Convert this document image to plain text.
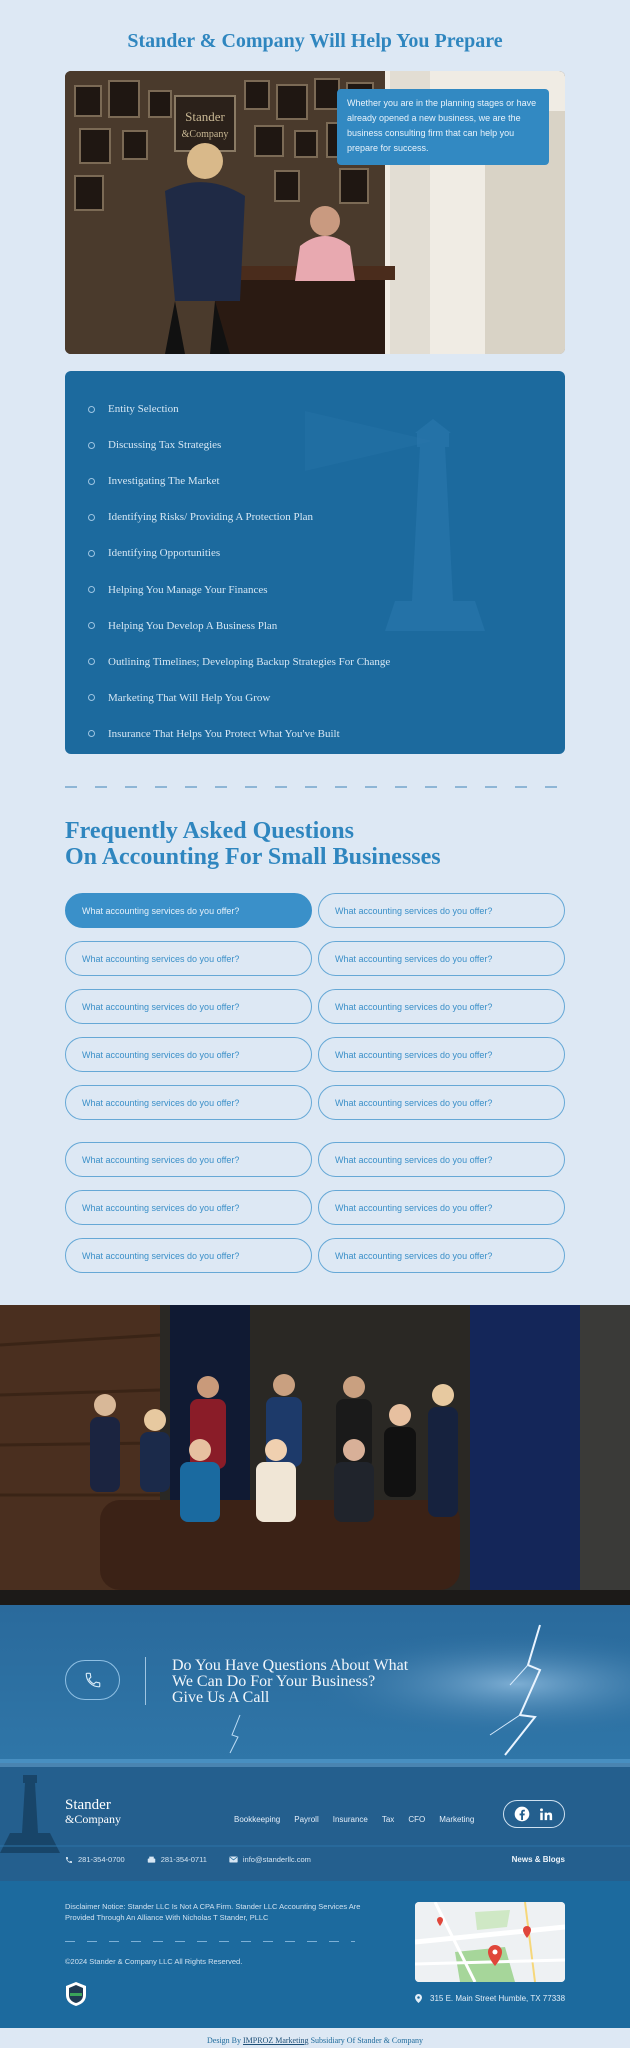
Stander & Company Will Help You Prepare
Stander
&Company
Whether you are in the planning stages or have already opened a new business, we are the business consulting firm that can help you prepare for success.
Entity Selection
Discussing Tax Strategies
Investigating The Market
Identifying Risks/ Providing A Protection Plan
Identifying Opportunities
Helping You Manage Your Finances
Helping You Develop A Business Plan
Outlining Timelines; Developing Backup Strategies For Change
Marketing That Will Help You Grow
Insurance That Helps You Protect What You've Built
Frequently Asked Questions
On Accounting For Small Businesses
What accounting services do you offer?	What accounting services do you offer?
What accounting services do you offer?	What accounting services do you offer?
What accounting services do you offer?	What accounting services do you offer?
What accounting services do you offer?	What accounting services do you offer?
What accounting services do you offer?	What accounting services do you offer?
What accounting services do you offer?	What accounting services do you offer?
What accounting services do you offer?	What accounting services do you offer?
What accounting services do you offer?	What accounting services do you offer?
Do You Have Questions About What
We Can Do For Your Business?
Give Us A Call
Stander
&Company	Bookkeeping Payroll Insurance Tax CFO Marketing
281-354-0700	281-354-0711	info@standerllc.com	News & Blogs
Disclaimer Notice: Stander LLC Is Not A CPA Firm. Stander LLC Accounting Services Are Provided Through An Alliance With Nicholas T Stander, PLLC
©2024 Stander & Company LLC All Rights Reserved.
315 E. Main Street Humble, TX 77338
Design By IMPROZ Marketing Subsidiary Of Stander & Company
